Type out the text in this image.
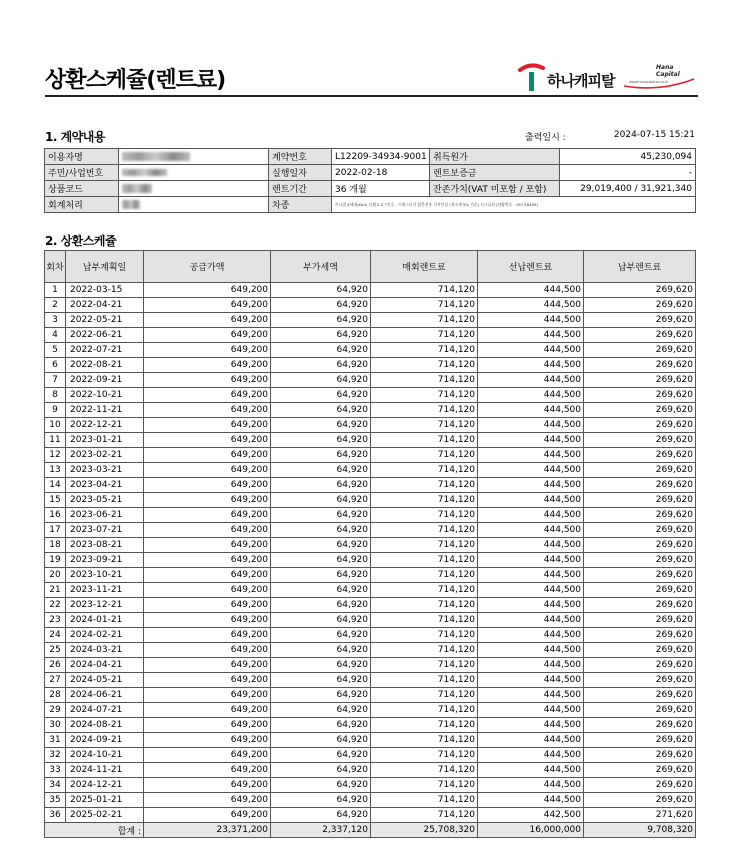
상환스케쥴(렌트료)	하나캐피탈
Hana Capital
www.hanacapital.co.kr
1. 계약내용	출력일시 :	2024-07-15 15:21
이용자명		계약번호	L12209-34934-9001	취득원가	45,230,094
주민/사업번호		실행일자	2022-02-18	렌트보증금	-
상품코드		렌트기간	36 개월	잔존가치(VAT 미포함 / 포함)	29,019,400 / 31,921,340
회계처리		차종	카니발 4세대(KA4) 디젤 2.2 7인승 - 프레스티지 밝은선홍 가격인상 (개소세 5% 기준) 시그니처 (차량번호 : 197호6409)		
2. 상환스케쥴
회차	납부계획일	공급가액	부가세액	매회렌트료	선납렌트료	납부렌트료
1	2022-03-15	649,200	64,920	714,120	444,500	269,620
2	2022-04-21	649,200	64,920	714,120	444,500	269,620
3	2022-05-21	649,200	64,920	714,120	444,500	269,620
4	2022-06-21	649,200	64,920	714,120	444,500	269,620
5	2022-07-21	649,200	64,920	714,120	444,500	269,620
6	2022-08-21	649,200	64,920	714,120	444,500	269,620
7	2022-09-21	649,200	64,920	714,120	444,500	269,620
8	2022-10-21	649,200	64,920	714,120	444,500	269,620
9	2022-11-21	649,200	64,920	714,120	444,500	269,620
10	2022-12-21	649,200	64,920	714,120	444,500	269,620
11	2023-01-21	649,200	64,920	714,120	444,500	269,620
12	2023-02-21	649,200	64,920	714,120	444,500	269,620
13	2023-03-21	649,200	64,920	714,120	444,500	269,620
14	2023-04-21	649,200	64,920	714,120	444,500	269,620
15	2023-05-21	649,200	64,920	714,120	444,500	269,620
16	2023-06-21	649,200	64,920	714,120	444,500	269,620
17	2023-07-21	649,200	64,920	714,120	444,500	269,620
18	2023-08-21	649,200	64,920	714,120	444,500	269,620
19	2023-09-21	649,200	64,920	714,120	444,500	269,620
20	2023-10-21	649,200	64,920	714,120	444,500	269,620
21	2023-11-21	649,200	64,920	714,120	444,500	269,620
22	2023-12-21	649,200	64,920	714,120	444,500	269,620
23	2024-01-21	649,200	64,920	714,120	444,500	269,620
24	2024-02-21	649,200	64,920	714,120	444,500	269,620
25	2024-03-21	649,200	64,920	714,120	444,500	269,620
26	2024-04-21	649,200	64,920	714,120	444,500	269,620
27	2024-05-21	649,200	64,920	714,120	444,500	269,620
28	2024-06-21	649,200	64,920	714,120	444,500	269,620
29	2024-07-21	649,200	64,920	714,120	444,500	269,620
30	2024-08-21	649,200	64,920	714,120	444,500	269,620
31	2024-09-21	649,200	64,920	714,120	444,500	269,620
32	2024-10-21	649,200	64,920	714,120	444,500	269,620
33	2024-11-21	649,200	64,920	714,120	444,500	269,620
34	2024-12-21	649,200	64,920	714,120	444,500	269,620
35	2025-01-21	649,200	64,920	714,120	444,500	269,620
36	2025-02-21	649,200	64,920	714,120	442,500	271,620
합계 :		23,371,200	2,337,120	25,708,320	16,000,000	9,708,320
